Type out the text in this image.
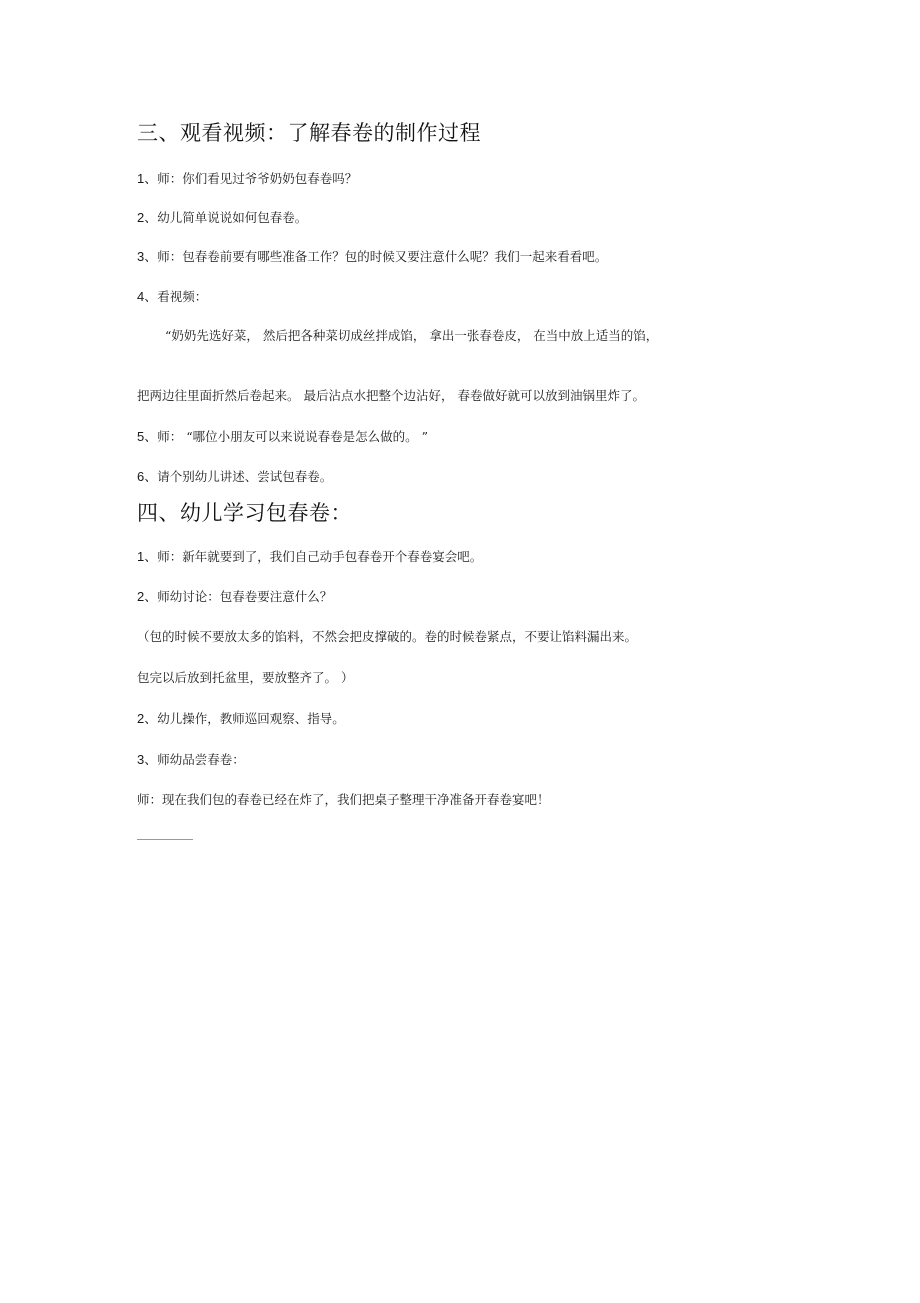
三、观看视频：了解春卷的制作过程
1、师：你们看见过爷爷奶奶包春卷吗？
2、幼儿简单说说如何包春卷。
3、师：包春卷前要有哪些准备工作？包的时候又要注意什么呢？我们一起来看看吧。
4、看视频：
“奶奶先选好菜， 然后把各种菜切成丝拌成馅， 拿出一张春卷皮， 在当中放上适当的馅，
把两边往里面折然后卷起来。 最后沾点水把整个边沾好， 春卷做好就可以放到油锅里炸了。
5、师： “哪位小朋友可以来说说春卷是怎么做的。 ”
6、请个别幼儿讲述、尝试包春卷。
四、幼儿学习包春卷：
1、师：新年就要到了，我们自己动手包春卷开个春卷宴会吧。
2、师幼讨论：包春卷要注意什么？
（包的时候不要放太多的馅料，不然会把皮撑破的。卷的时候卷紧点，不要让馅料漏出来。
包完以后放到托盆里，要放整齐了。 ）
2、幼儿操作，教师巡回观察、指导。
3、师幼品尝春卷：
师：现在我们包的春卷已经在炸了，我们把桌子整理干净准备开春卷宴吧！
